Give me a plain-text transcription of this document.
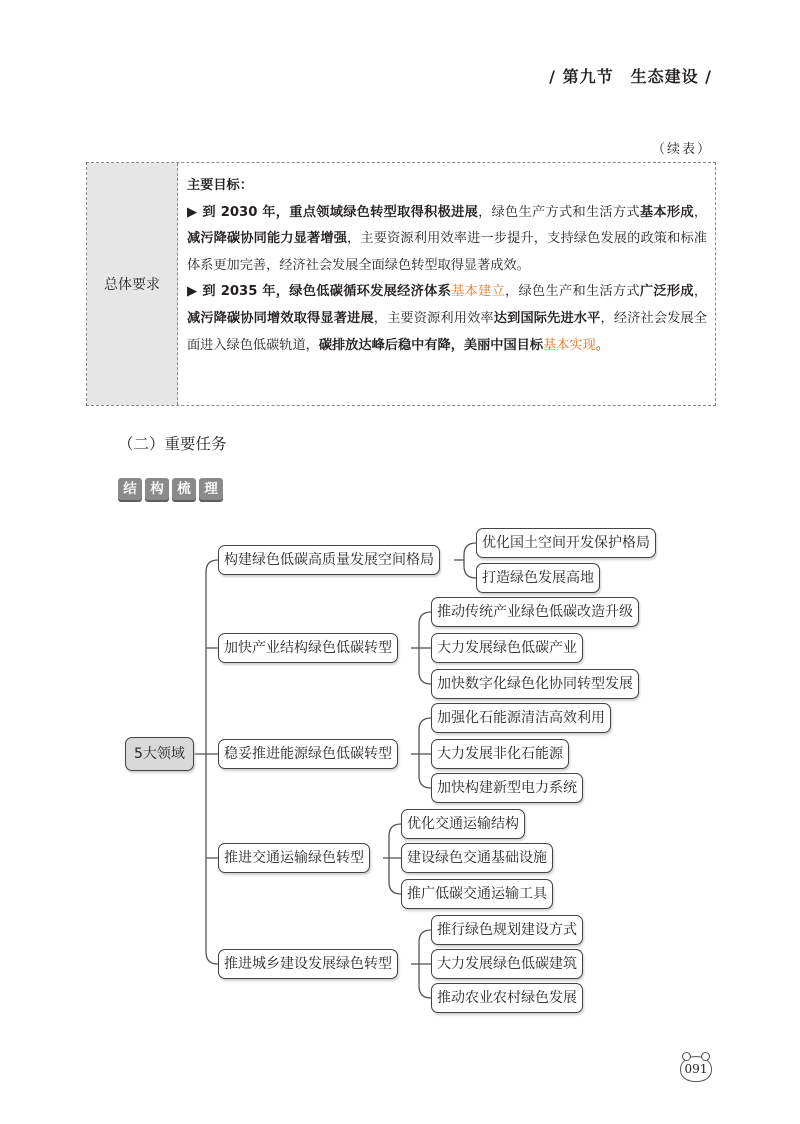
/ 第九节　生态建设 /
（续表）
总体要求
主要目标：
▶ 到 2030 年，重点领域绿色转型取得积极进展，绿色生产方式和生活方式基本形成，减污降碳协同能力显著增强，主要资源利用效率进一步提升，支持绿色发展的政策和标准体系更加完善，经济社会发展全面绿色转型取得显著成效。
▶ 到 2035 年，绿色低碳循环发展经济体系基本建立，绿色生产和生活方式广泛形成，减污降碳协同增效取得显著进展，主要资源利用效率达到国际先进水平，经济社会发展全面进入绿色低碳轨道，碳排放达峰后稳中有降，美丽中国目标基本实现。
（二）重要任务
结	构	梳	理
5大领域
构建绿色低碳高质量发展空间格局
优化国土空间开发保护格局
打造绿色发展高地
加快产业结构绿色低碳转型
推动传统产业绿色低碳改造升级
大力发展绿色低碳产业
加快数字化绿色化协同转型发展
稳妥推进能源绿色低碳转型
加强化石能源清洁高效利用
大力发展非化石能源
加快构建新型电力系统
推进交通运输绿色转型
优化交通运输结构
建设绿色交通基础设施
推广低碳交通运输工具
推进城乡建设发展绿色转型
推行绿色规划建设方式
大力发展绿色低碳建筑
推动农业农村绿色发展
091
